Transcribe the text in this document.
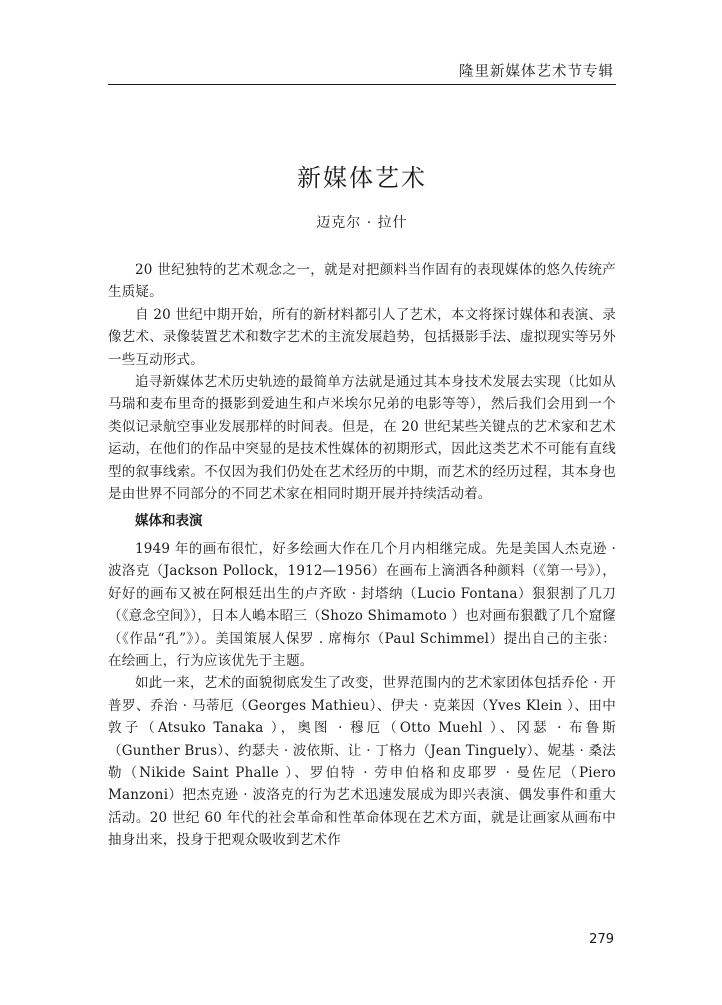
隆里新媒体艺术节专辑
新媒体艺术
迈克尔 · 拉什

20 世纪独特的艺术观念之一，就是对把颜料当作固有的表现媒体的悠久传统产生质疑。

自 20 世纪中期开始，所有的新材料都引人了艺术，本文将探讨媒体和表演、录像艺术、录像装置艺术和数字艺术的主流发展趋势，包括摄影手法、虚拟现实等另外一些互动形式。

追寻新媒体艺术历史轨迹的最简单方法就是通过其本身技术发展去实现（比如从马瑞和麦布里奇的摄影到爱迪生和卢米埃尔兄弟的电影等等），然后我们会用到一个类似记录航空事业发展那样的时间表。但是，在 20 世纪某些关键点的艺术家和艺术运动，在他们的作品中突显的是技术性媒体的初期形式，因此这类艺术不可能有直线型的叙事线索。不仅因为我们仍处在艺术经历的中期，而艺术的经历过程，其本身也是由世界不同部分的不同艺术家在相同时期开展并持续活动着。

媒体和表演

1949 年的画布很忙，好多绘画大作在几个月内相继完成。先是美国人杰克逊 · 波洛克（Jackson Pollock，1912—1956）在画布上滴洒各种颜料（《第一号》），好好的画布又被在阿根廷出生的卢齐欧 · 封塔纳（Lucio Fontana）狠狠割了几刀（《意念空间》），日本人嶋本昭三（Shozo Shimamoto ）也对画布狠戳了几个窟窿（《作品“孔”》）。美国策展人保罗 . 席梅尔（Paul Schimmel）提出自己的主张：在绘画上，行为应该优先于主题。

如此一来，艺术的面貌彻底发生了改变，世界范围内的艺术家团体包括乔伦 · 开普罗、乔治 · 马蒂厄（Georges Mathieu）、伊夫 · 克莱因（Yves Klein ）、田中敦子（Atsuko Tanaka ），奥图 · 穆厄（Otto Muehl ）、冈瑟 · 布鲁斯（Gunther Brus）、约瑟夫 · 波依斯、让 · 丁格力（Jean Tinguely）、妮基 · 桑法勒（Nikide Saint Phalle ）、罗伯特 · 劳申伯格和皮耶罗 · 曼佐尼（Piero Manzoni）把杰克逊 · 波洛克的行为艺术迅速发展成为即兴表演、偶发事件和重大活动。20 世纪 60 年代的社会革命和性革命体现在艺术方面，就是让画家从画布中抽身出来，投身于把观众吸收到艺术作

279
